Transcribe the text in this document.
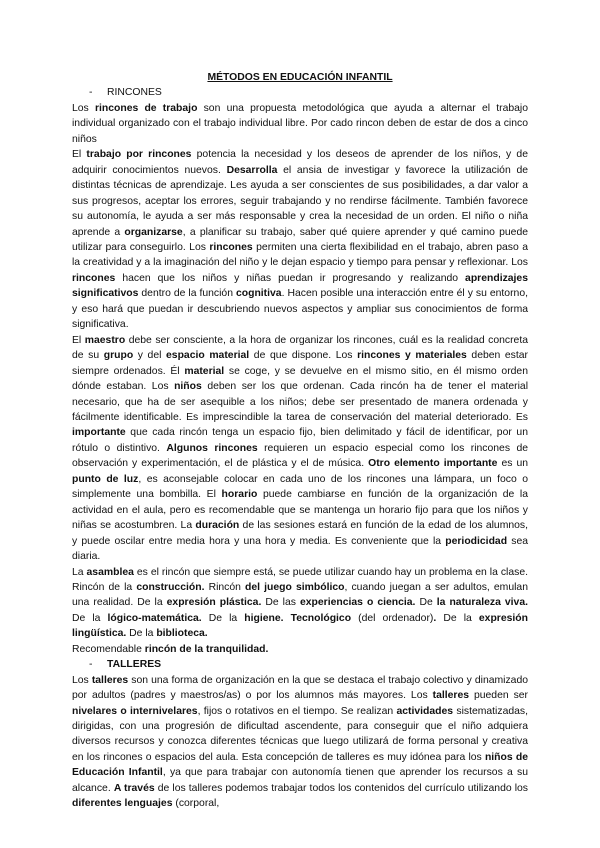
MÉTODOS EN EDUCACIÓN INFANTIL

- RINCONES

Los rincones de trabajo son una propuesta metodológica que ayuda a alternar el trabajo individual organizado con el trabajo individual libre. Por cado rincon deben de estar de dos a cinco niños

El trabajo por rincones potencia la necesidad y los deseos de aprender de los niños, y de adquirir conocimientos nuevos. Desarrolla el ansia de investigar y favorece la utilización de distintas técnicas de aprendizaje. Les ayuda a ser conscientes de sus posibilidades, a dar valor a sus progresos, aceptar los errores, seguir trabajando y no rendirse fácilmente. También favorece su autonomía, le ayuda a ser más responsable y crea la necesidad de un orden. El niño o niña aprende a organizarse, a planificar su trabajo, saber qué quiere aprender y qué camino puede utilizar para conseguirlo. Los rincones permiten una cierta flexibilidad en el trabajo, abren paso a la creatividad y a la imaginación del niño y le dejan espacio y tiempo para pensar y reflexionar. Los rincones hacen que los niños y niñas puedan ir progresando y realizando aprendizajes significativos dentro de la función cognitiva. Hacen posible una interacción entre él y su entorno, y eso hará que puedan ir descubriendo nuevos aspectos y ampliar sus conocimientos de forma significativa.

El maestro debe ser consciente, a la hora de organizar los rincones, cuál es la realidad concreta de su grupo y del espacio material de que dispone. Los rincones y materiales deben estar siempre ordenados. Él material se coge, y se devuelve en el mismo sitio, en él mismo orden dónde estaban. Los niños deben ser los que ordenan. Cada rincón ha de tener el material necesario, que ha de ser asequible a los niños; debe ser presentado de manera ordenada y fácilmente identificable. Es imprescindible la tarea de conservación del material deteriorado. Es importante que cada rincón tenga un espacio fijo, bien delimitado y fácil de identificar, por un rótulo o distintivo. Algunos rincones requieren un espacio especial como los rincones de observación y experimentación, el de plástica y el de música. Otro elemento importante es un punto de luz, es aconsejable colocar en cada uno de los rincones una lámpara, un foco o simplemente una bombilla. El horario puede cambiarse en función de la organización de la actividad en el aula, pero es recomendable que se mantenga un horario fijo para que los niños y niñas se acostumbren. La duración de las sesiones estará en función de la edad de los alumnos, y puede oscilar entre media hora y una hora y media. Es conveniente que la periodicidad sea diaria.

La asamblea es el rincón que siempre está, se puede utilizar cuando hay un problema en la clase. Rincón de la construcción. Rincón del juego simbólico, cuando juegan a ser adultos, emulan una realidad. De la expresión plástica. De las experiencias o ciencia. De la naturaleza viva. De la lógico-matemática. De la higiene. Tecnológico (del ordenador). De la expresión lingüística. De la biblioteca.

Recomendable rincón de la tranquilidad.

- TALLERES

Los talleres son una forma de organización en la que se destaca el trabajo colectivo y dinamizado por adultos (padres y maestros/as) o por los alumnos más mayores. Los talleres pueden ser nivelares o internivelares, fijos o rotativos en el tiempo. Se realizan actividades sistematizadas, dirigidas, con una progresión de dificultad ascendente, para conseguir que el niño adquiera diversos recursos y conozca diferentes técnicas que luego utilizará de forma personal y creativa en los rincones o espacios del aula. Esta concepción de talleres es muy idónea para los niños de Educación Infantil, ya que para trabajar con autonomía tienen que aprender los recursos a su alcance. A través de los talleres podemos trabajar todos los contenidos del currículo utilizando los diferentes lenguajes (corporal,
